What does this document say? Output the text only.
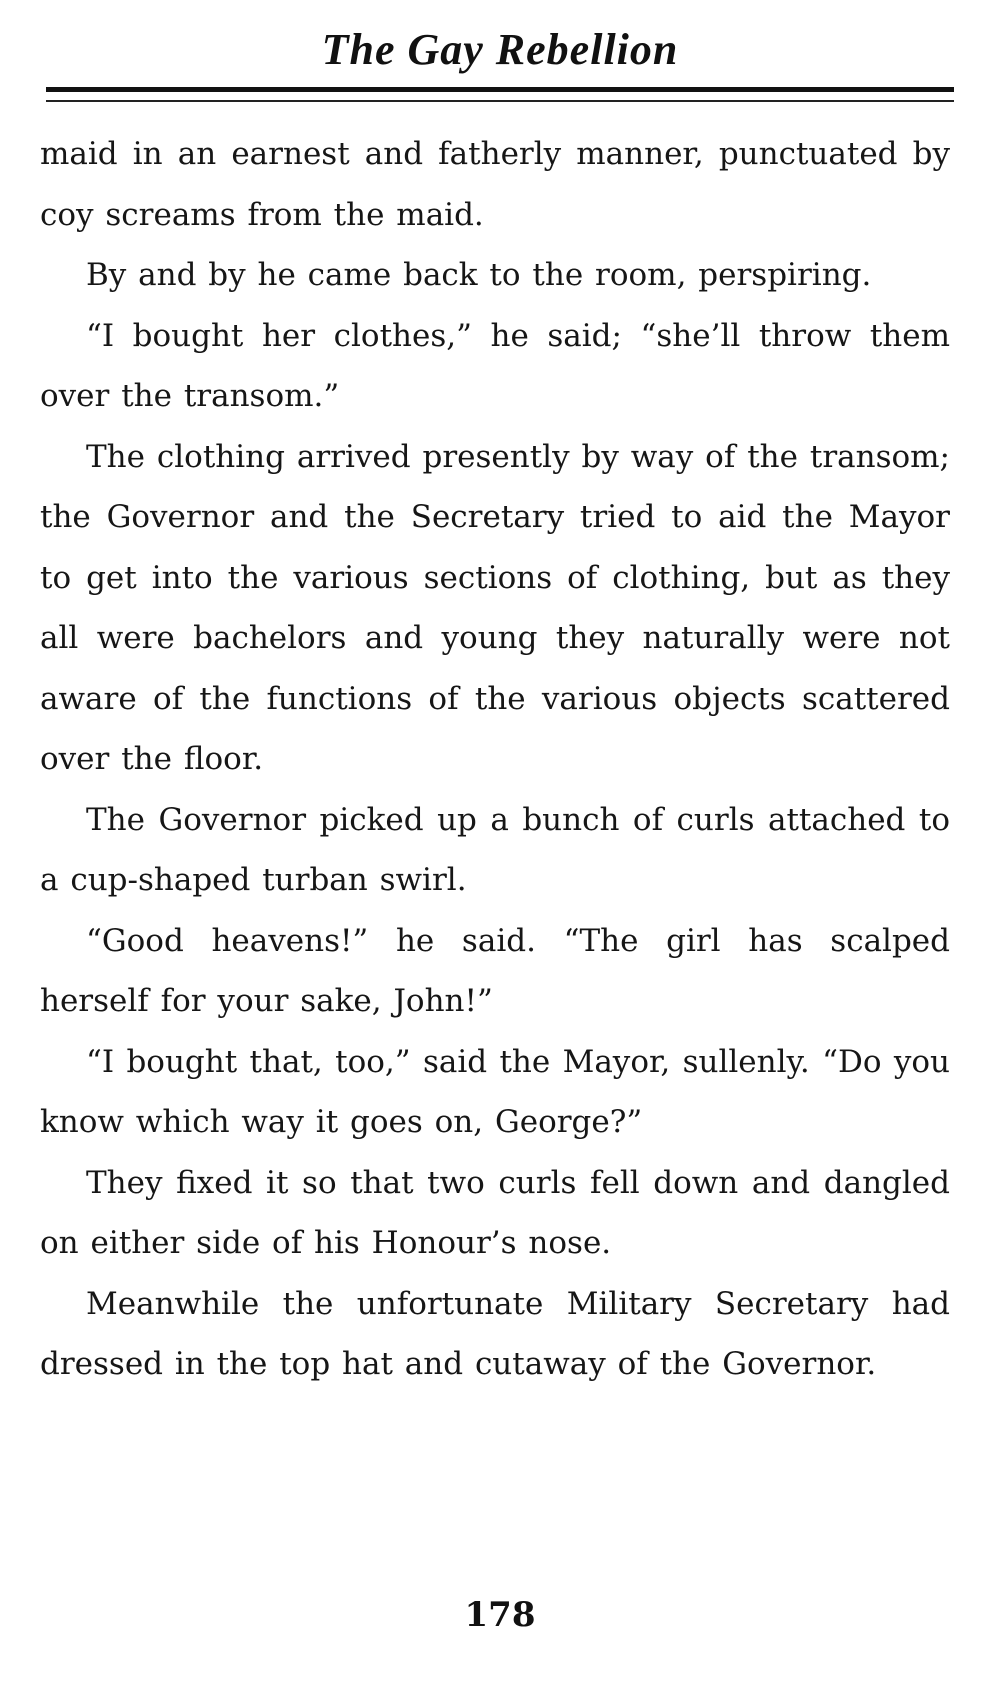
The Gay Rebellion

maid in an earnest and fatherly manner, punctuated by coy screams from the maid.

By and by he came back to the room, perspiring.

“I bought her clothes,” he said; “she’ll throw them over the transom.”

The clothing arrived presently by way of the transom; the Governor and the Secretary tried to aid the Mayor to get into the various sections of clothing, but as they all were bachelors and young they naturally were not aware of the functions of the various objects scattered over the floor.

The Governor picked up a bunch of curls attached to a cup-shaped turban swirl.

“Good heavens!” he said. “The girl has scalped herself for your sake, John!”

“I bought that, too,” said the Mayor, sullenly. “Do you know which way it goes on, George?”

They fixed it so that two curls fell down and dangled on either side of his Honour’s nose.

Meanwhile the unfortunate Military Secretary had dressed in the top hat and cutaway of the Governor.

178
